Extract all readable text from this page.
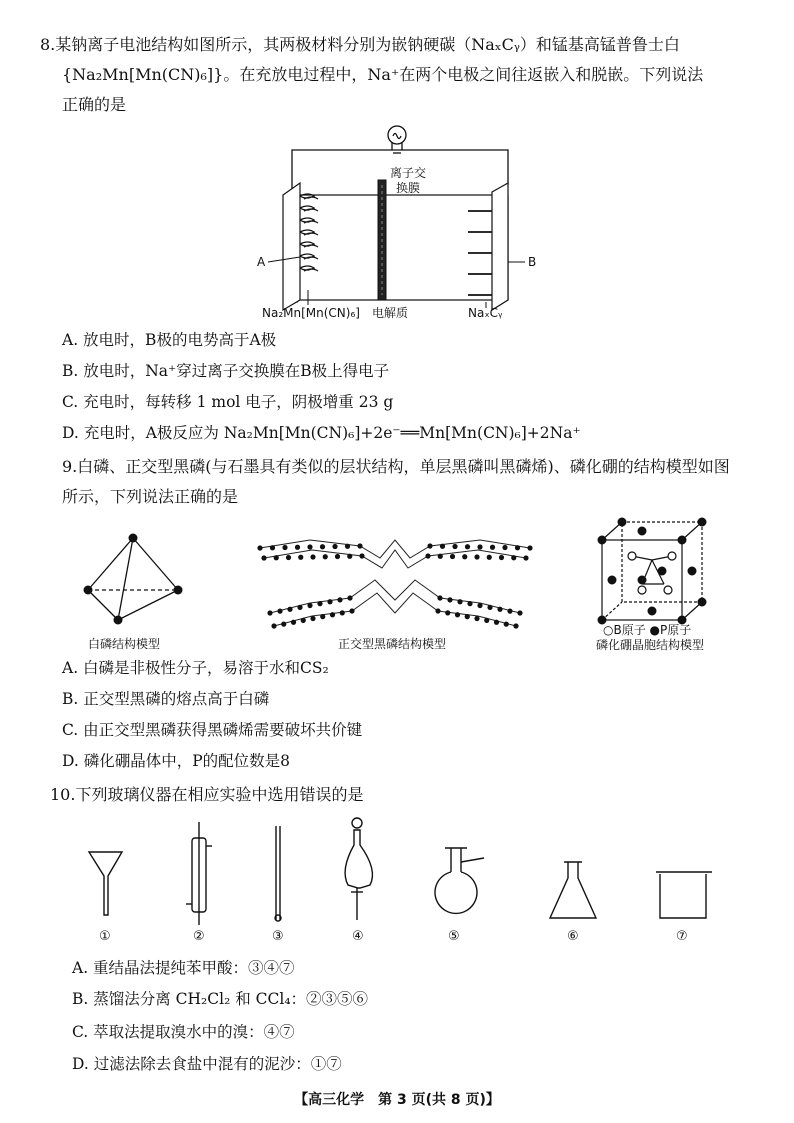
8.某钠离子电池结构如图所示，其两极材料分别为嵌钠硬碳（NaₓCᵧ）和锰基高锰普鲁士白
{Na₂Mn[Mn(CN)₆]}。在充放电过程中，Na⁺在两个电极之间往返嵌入和脱嵌。下列说法
正确的是
离子交
换膜
A	B
Na₂Mn[Mn(CN)₆] 电解质	NaₓCᵧ
A. 放电时，B极的电势高于A极
B. 放电时，Na⁺穿过离子交换膜在B极上得电子
C. 充电时，每转移 1 mol 电子，阴极增重 23 g
D. 充电时，A极反应为 Na₂Mn[Mn(CN)₆]+2e⁻══Mn[Mn(CN)₆]+2Na⁺
9.白磷、正交型黑磷(与石墨具有类似的层状结构，单层黑磷叫黑磷烯)、磷化硼的结构模型如图
所示，下列说法正确的是
白磷结构模型	正交型黑磷结构模型
○B原子 ●P原子
磷化硼晶胞结构模型
A. 白磷是非极性分子，易溶于水和CS₂
B. 正交型黑磷的熔点高于白磷
C. 由正交型黑磷获得黑磷烯需要破坏共价键
D. 磷化硼晶体中，P的配位数是8
10.下列玻璃仪器在相应实验中选用错误的是
①	②	③	④	⑤	⑥	⑦
A. 重结晶法提纯苯甲酸：③④⑦
B. 蒸馏法分离 CH₂Cl₂ 和 CCl₄：②③⑤⑥
C. 萃取法提取溴水中的溴：④⑦
D. 过滤法除去食盐中混有的泥沙：①⑦
【高三化学　第 3 页(共 8 页)】
